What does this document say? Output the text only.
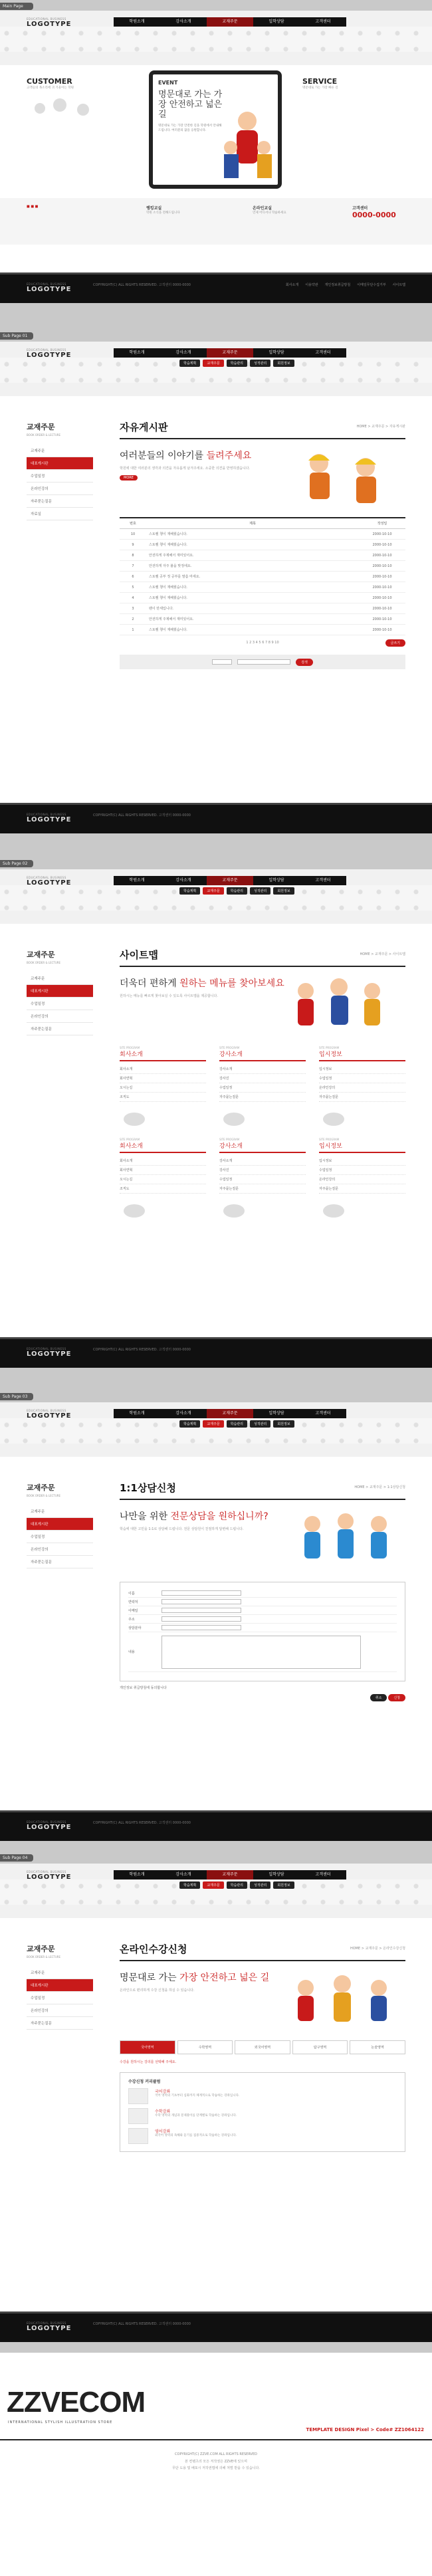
Main Page
EDUCATIONAL BUSINESS
LOGOTYPE	학원소개	강사소개	교재주문	입학상담	고객센터
CUSTOMER
고객들의 목소리에 귀 기울이는 학원
EVENT
명문대로 가는 가장 안전하고 넓은 길
명문대로 가는 가장 안전한 길을 학원에서 안내해 드립니다. 여러분의 꿈을 응원합니다.
SERVICE
명문대로 가는 가장 빠른 길
■ ■ ■	랭킹교실
학원 소식을 전해드립니다
온라인교실
언제 어디서나 학습하세요
고객센터
0000-0000
EDUCATIONAL BUSINESS
LOGOTYPE
COPYRIGHT(C) ALL RIGHTS RESERVED. 고객센터 0000-0000	회사소개 이용약관 개인정보취급방침 이메일무단수집거부 사이트맵
Sub Page 01
EDUCATIONAL BUSINESS
LOGOTYPE	학원소개	강사소개	교재주문	입학상담	고객센터
학습계획	교재주문	학습관리	성적관리	회원정보
교재주문
BOOK ORDER & LECTURE
교재주문
대표게시판
수업일정
온라인강의
자주묻는질문
자료실
자유게시판	HOME > 교재주문 > 자유게시판
여러분들의 이야기를 들려주세요

학원에 대한 여러분의 생각과 의견을 자유롭게 남겨주세요. 소중한 의견을 반영하겠습니다.

MORE
번호	제목	작성일
10	스토렐 챙이 재해웠습니다.	2000-10-10
9	스토렐 챙이 재해웠습니다.	2000-10-10
8	안전하게 주제해서 재미있어요.	2000-10-10
7	안전하게 자주 불을 맞정에요.	2000-10-10
6	스토렐 공부 정 공부를 말씀 마세요.	2000-10-10
5	스토렐 챙이 재해웠습니다.	2000-10-10
4	스토렐 챙이 재해웠습니다.	2000-10-10
3	팬이 만세입니다.	2000-10-10
2	안전하게 주제해서 재미있어요.	2000-10-10
1	스토렐 챙이 재해웠습니다.	2000-10-10
1 2 3 4 5 6 7 8 9 10	글쓰기
검색
EDUCATIONAL BUSINESS
LOGOTYPE
COPYRIGHT(C) ALL RIGHTS RESERVED. 고객센터 0000-0000
Sub Page 02
EDUCATIONAL BUSINESS
LOGOTYPE	학원소개	강사소개	교재주문	입학상담	고객센터
학습계획	교재주문	학습관리	성적관리	회원정보
교재주문
BOOK ORDER & LECTURE
교재주문
대표게시판
수업일정
온라인강의
자주묻는질문
사이트맵	HOME > 교재주문 > 사이트맵
더욱더 편하게 원하는 메뉴를 찾아보세요

원하시는 메뉴를 빠르게 찾아보실 수 있도록 사이트맵을 제공합니다.

SITE PROGRAM
회사소개
회사소개
회사연혁
오시는길
조직도
SITE PROGRAM
강사소개
강사소개
강사진
수업일정
자주묻는질문
SITE PROGRAM
입시정보
입시정보
수업일정
온라인강의
자주묻는질문
SITE PROGRAM
회사소개
회사소개
회사연혁
오시는길
조직도
SITE PROGRAM
강사소개
강사소개
강사진
수업일정
자주묻는질문
SITE PROGRAM
입시정보
입시정보
수업일정
온라인강의
자주묻는질문
EDUCATIONAL BUSINESS
LOGOTYPE
COPYRIGHT(C) ALL RIGHTS RESERVED. 고객센터 0000-0000
Sub Page 03
EDUCATIONAL BUSINESS
LOGOTYPE	학원소개	강사소개	교재주문	입학상담	고객센터
학습계획	교재주문	학습관리	성적관리	회원정보
교재주문
BOOK ORDER & LECTURE
교재주문
대표게시판
수업일정
온라인강의
자주묻는질문
1:1상담신청	HOME > 교재주문 > 1:1상담신청
나만을 위한 전문상담을 원하십니까?

학습에 대한 고민을 1:1로 상담해 드립니다. 전문 상담원이 친절하게 답변해 드립니다.

이름
연락처
이메일
주소
상담분야
내용
개인정보 취급방침에 동의합니다
취소	신청
EDUCATIONAL BUSINESS
LOGOTYPE
COPYRIGHT(C) ALL RIGHTS RESERVED. 고객센터 0000-0000
Sub Page 04
EDUCATIONAL BUSINESS
LOGOTYPE	학원소개	강사소개	교재주문	입학상담	고객센터
학습계획	교재주문	학습관리	성적관리	회원정보
교재주문
BOOK ORDER & LECTURE
교재주문
대표게시판
수업일정
온라인강의
자주묻는질문
온라인수강신청	HOME > 교재주문 > 온라인수강신청
명문대로 가는 가장 안전하고 넓은 길

온라인으로 편리하게 수강 신청을 하실 수 있습니다.

국어영역	수학영역	외국어영역	탐구영역	논술영역
수강을 원하시는 강의를 선택해 주세요.
수강신청 커리큘럼
국어강좌
국어 영역의 기초부터 심화까지 체계적으로 학습하는 강좌입니다.
수학강좌
수학 영역의 개념과 문제풀이를 단계별로 학습하는 강좌입니다.
영어강좌
외국어 영역의 독해와 듣기를 집중적으로 학습하는 강좌입니다.
EDUCATIONAL BUSINESS
LOGOTYPE
COPYRIGHT(C) ALL RIGHTS RESERVED. 고객센터 0000-0000
ZZVECOM
INTERNATIONAL STYLISH ILLUSTRATION STORE
TEMPLATE DESIGN Pixel > Code# ZZ1064122
COPYRIGHT(C) ZZVE.COM ALL RIGHTS RESERVED
본 컨텐츠의 모든 저작권은 ZZVE에 있으며
무단 도용 및 배포시 저작권법에 의해 처벌 받을 수 있습니다.
